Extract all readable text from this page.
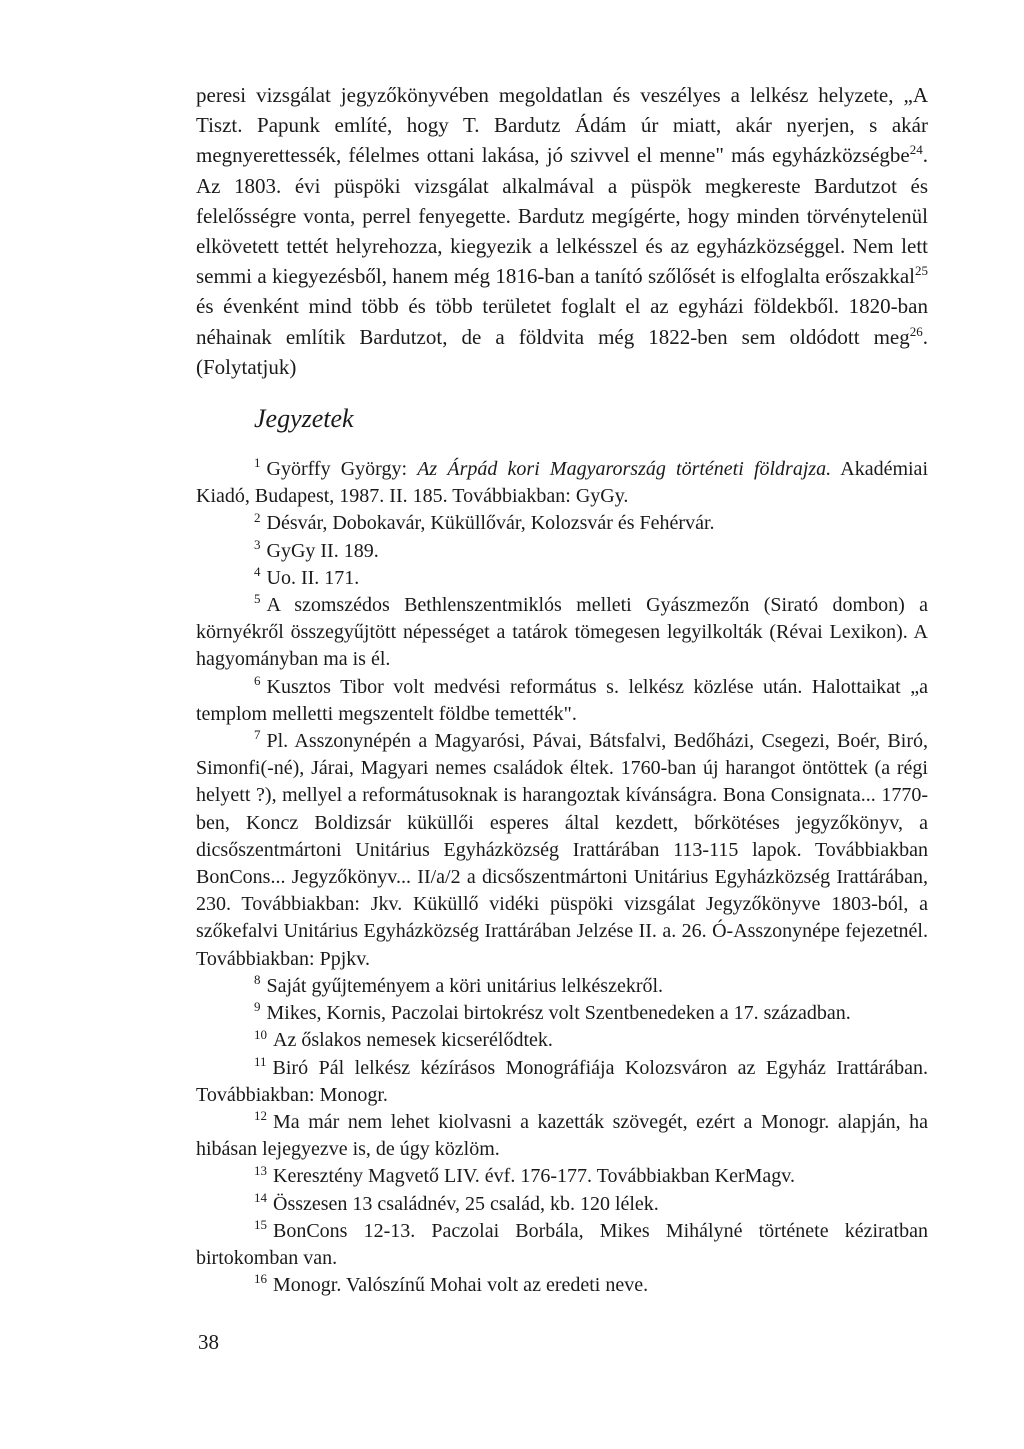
peresi vizsgálat jegyzőkönyvében megoldatlan és veszélyes a lelkész helyzete, „A Tiszt. Papunk említé, hogy T. Bardutz Ádám úr miatt, akár nyerjen, s akár megnyerettessék, félelmes ottani lakása, jó szivvel el menne" más egyházközségbe$^{24}$. Az 1803. évi püspöki vizsgálat alkalmával a püspök megkereste Bardutzot és felelősségre vonta, perrel fenyegette. Bardutz megígérte, hogy minden törvénytelenül elkövetett tettét helyrehozza, kiegyezik a lelkésszel és az egyházközséggel. Nem lett semmi a kiegyezésből, hanem még 1816-ban a tanító szőlősét is elfoglalta erőszakkal$^{25}$ és évenként mind több és több területet foglalt el az egyházi földekből. 1820-ban néhainak említik Bardutzot, de a földvita még 1822-ben sem oldódott meg$^{26}$. (Folytatjuk)

Jegyzetek

$^1$ Györffy György: Az Árpád kori Magyarország történeti földrajza. Akadémiai Kiadó, Budapest, 1987. II. 185. Továbbiakban: GyGy.

$^2$ Désvár, Dobokavár, Küküllővár, Kolozsvár és Fehérvár.

$^3$ GyGy II. 189.

$^4$ Uo. II. 171.

$^5$ A szomszédos Bethlenszentmiklós melleti Gyászmezőn (Sirató dombon) a környékről összegyűjtött népességet a tatárok tömegesen legyilkolták (Révai Lexikon). A hagyományban ma is él.

$^6$ Kusztos Tibor volt medvési református s. lelkész közlése után. Halottaikat „a templom melletti megszentelt földbe temették".

$^7$ Pl. Asszonynépén a Magyarósi, Pávai, Bátsfalvi, Bedőházi, Csegezi, Boér, Biró, Simonfi(-né), Járai, Magyari nemes családok éltek. 1760-ban új harangot öntöttek (a régi helyett ?), mellyel a reformátusoknak is harangoztak kívánságra. Bona Consignata... 1770-ben, Koncz Boldizsár küküllői esperes által kezdett, bőrkötéses jegyzőkönyv, a dicsőszentmártoni Unitárius Egyházközség Irattárában 113-115 lapok. Továbbiakban BonCons... Jegyzőkönyv... II/a/2 a dicsőszentmártoni Unitárius Egyházközség Irattárában, 230. Továbbiakban: Jkv. Küküllő vidéki püspöki vizsgálat Jegyzőkönyve 1803-ból, a szőkefalvi Unitárius Egyházközség Irattárában Jelzése II. a. 26. Ó-Asszonynépe fejezetnél. Továbbiakban: Ppjkv.

$^8$ Saját gyűjteményem a köri unitárius lelkészekről.

$^9$ Mikes, Kornis, Paczolai birtokrész volt Szentbenedeken a 17. században.

$^{10}$ Az őslakos nemesek kicserélődtek.

$^{11}$ Biró Pál lelkész kézírásos Monográfiája Kolozsváron az Egyház Irattárában. Továbbiakban: Monogr.

$^{12}$ Ma már nem lehet kiolvasni a kazetták szövegét, ezért a Monogr. alapján, ha hibásan lejegyezve is, de úgy közlöm.

$^{13}$ Keresztény Magvető LIV. évf. 176-177. Továbbiakban KerMagv.

$^{14}$ Összesen 13 családnév, 25 család, kb. 120 lélek.

$^{15}$ BonCons 12-13. Paczolai Borbála, Mikes Mihályné története kéziratban birtokomban van.

$^{16}$ Monogr. Valószínű Mohai volt az eredeti neve.

38
